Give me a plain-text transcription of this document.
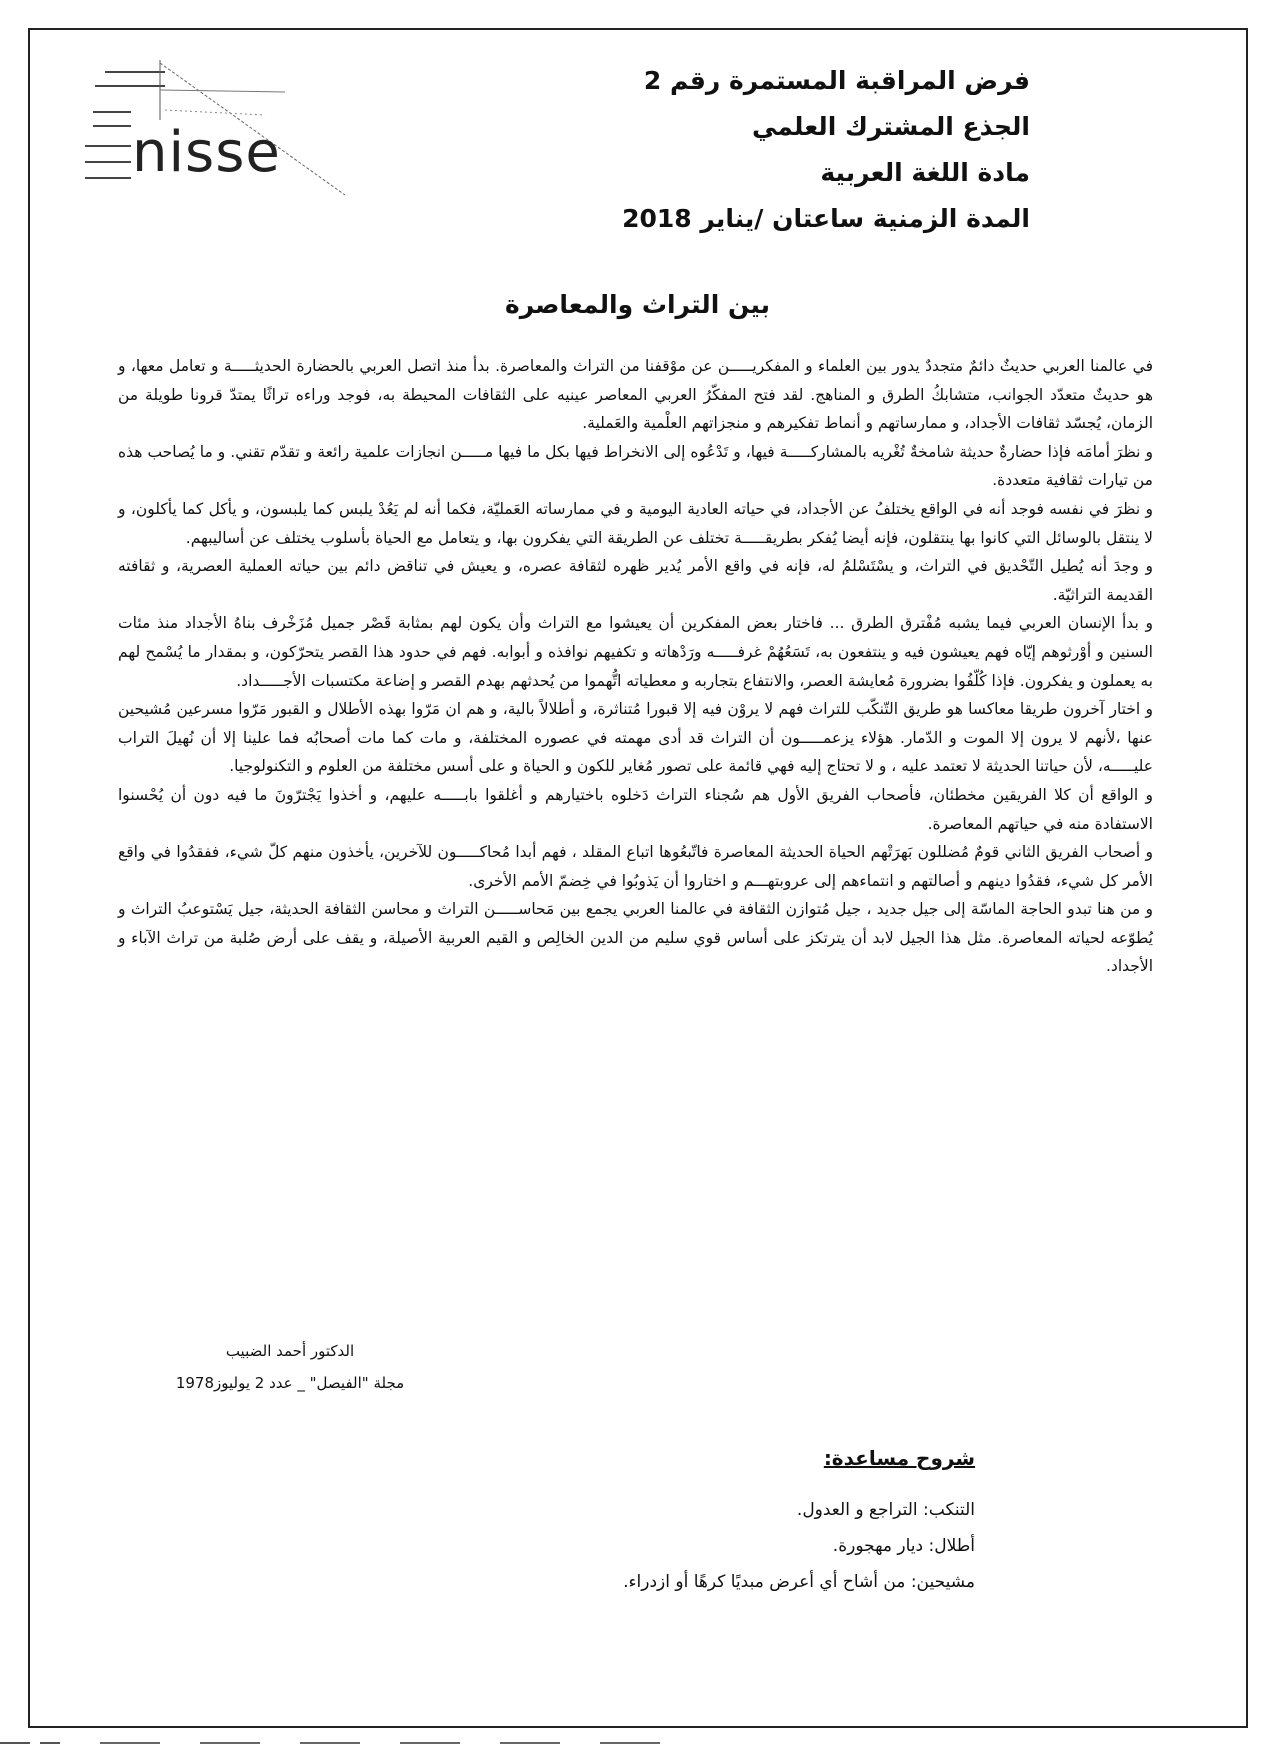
nisse
فرض المراقبة المستمرة رقم 2
الجذع المشترك العلمي
مادة اللغة العربية
المدة الزمنية ساعتان /يناير 2018
بين التراث والمعاصرة

في عالمنا العربي حديثٌ دائمٌ متجددٌ يدور بين العلماء و المفكريـــــن عن موْقفنا من التراث والمعاصرة. بدأ منذ اتصل العربي بالحضارة الحديثـــــة و تعامل معها، و هو حديثٌ متعدّد الجوانب، متشابكُ الطرق و المناهج. لقد فتح المفكّرُ العربي المعاصر عينيه على الثقافات المحيطة به، فوجد وراءه تراثًا يمتدّ قرونا طويلة من الزمان، يُجسّد ثقافات الأجداد، و ممارساتهم و أنماط تفكيرهم و منجزاتهم العلْمية والعَملية.

و نظرَ أمامَه فإذا حضارةٌ حديثة شامخةٌ تُغْريه بالمشاركـــــة فيها، و تَدْعُوه إلى الانخراط فيها بكل ما فيها مـــــن انجازات علمية رائعة و تقدّم تقني. و ما يُصاحب هذه من تيارات ثقافية متعددة.

و نظرَ في نفسه فوجد أنه في الواقع يختلفُ عن الأجداد، في حياته العادية اليومية و في ممارساته العَمليّة، فكما أنه لم يَعُدْ يلبس كما يلبسون، و يأكل كما يأكلون، و لا ينتقل بالوسائل التي كانوا بها ينتقلون، فإنه أيضا يُفكر بطريقـــــة تختلف عن الطريقة التي يفكرون بها، و يتعامل مع الحياة بأسلوب يختلف عن أساليبهم.

و وجدَ أنه يُطيل التّحْديق في التراث، و يسْتَسْلمُ له، فإنه في واقع الأمر يُدير ظهره لثقافة عصره، و يعيش في تناقض دائم بين حياته العملية العصرية، و ثقافته القديمة التراثيّة.

و بدأ الإنسان العربي فيما يشبه مُفْترق الطرق ... فاختار بعض المفكرين أن يعيشوا مع التراث وأن يكون لهم بمثابة قَصْر جميل مُزَخْرف بناهُ الأجداد منذ مئات السنين و أوْرثوهم إيّاه فهم يعيشون فيه و ينتفعون به، تَسَعُهُمْ غرفـــــه ورَدْهاته و تكفيهم نوافذه و أبوابه. فهم في حدود هذا القصر يتحرّكون، و بمقدار ما يُسْمح لهم به يعملون و يفكرون. فإذا كُلّفُوا بضرورة مُعايشة العصر، والانتفاع بتجاربه و معطياته اتُّهموا من يُحدثهم بهدم القصر و إضاعة مكتسبات الأجـــــداد.

و اختار آخرون طريقا معاكسا هو طريق التّنكّب للتراث فهم لا يروْن فيه إلا قبورا مُتناثرة، و أطلالاً بالية، و هم ان مَرّوا بهذه الأطلال و القبور مَرّوا مسرعين مُشيحين عنها ،لأنهم لا يرون إلا الموت و الدّمار. هؤلاء يزعمـــــون أن التراث قد أدى مهمته في عصوره المختلفة، و مات كما مات أصحابُه فما علينا إلا أن نُهيلَ التراب عليـــــه، لأن حياتنا الحديثة لا تعتمد عليه ، و لا تحتاج إليه فهي قائمة على تصور مُغاير للكون و الحياة و على أسس مختلفة من العلوم و التكنولوجيا.

و الواقع أن كلا الفريقين مخطئان، فأصحاب الفريق الأول هم سُجناء التراث دَخلوه باختيارهم و أغلقوا بابـــــه عليهم، و أخذوا يَجْترّونَ ما فيه دون أن يُحْسنوا الاستفادة منه في حياتهم المعاصرة.

و أصحاب الفريق الثاني قومٌ مُضللون بَهرَتْهم الحياة الحديثة المعاصرة فاتّبعُوها اتباع المقلد ، فهم أبدا مُحاكـــــون للآخرين، يأخذون منهم كلّ شيء، ففقدُوا في واقع الأمر كل شيء، فقدُوا دينهم و أصالتهم و انتماءهم إلى عروبتهـــم و اختاروا أن يَذوبُوا في خِضمّ الأمم الأخرى.

و من هنا تبدو الحاجة الماسّة إلى جيل جديد ، جيل مُتوازن الثقافة في عالمنا العربي يجمع بين مَحاســـــن التراث و محاسن الثقافة الحديثة، جيل يَسْتوعبُ التراث و يُطوّعه لحياته المعاصرة. مثل هذا الجيل لابد أن يترتكز على أساس قوي سليم من الدين الخالِص و القيم العربية الأصيلة، و يقف على أرض صُلبة من تراث الآباء و الأجداد.

الدكتور أحمد الضبيب
مجلة "الفيصل" _ عدد 2 يوليوز1978
شروح مساعدة:
التنكب: التراجع و العدول.
أطلال: ديار مهجورة.
مشيحين: من أشاح أي أعرض مبديًا كرهًا أو ازدراء.
